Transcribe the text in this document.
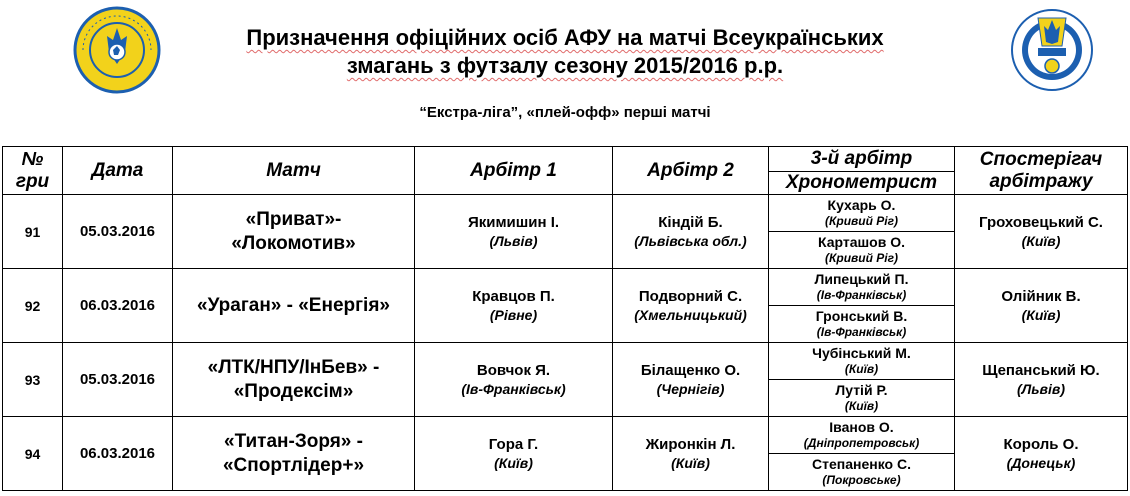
Призначення офіційних осіб АФУ на матчі Всеукраїнських
змагань з футзалу сезону 2015/2016 р.р.
“Екстра-ліга”, «плей-офф» перші матчі
№ гри	Дата	Матч	Арбітр 1	Арбітр 2	3-й арбітр	Спостерігач арбітражу
					Хронометрист	
91	05.03.2016	«Приват»-
«Локомотив»	Якимишин І.
(Львів)	Кіндій Б.
(Львівська обл.)	Кухарь О.
(Кривий Ріг)	Гроховецький С.
(Київ)

					Карташов О.
(Кривий Ріг)	

92	06.03.2016	«Ураган» - «Енергія»	Кравцов П.
(Рівне)	Подворний С.
(Хмельницький)	Липецький П.
(Ів-Франківськ)	Олійник В.
(Київ)

					Гронський В.
(Ів-Франківськ)	

93	05.03.2016	«ЛТК/НПУ/ІнБев» -
«Продексім»	Вовчок Я.
(Ів-Франківськ)	Білащенко О.
(Чернігів)	Чубінський М.
(Київ)	Щепанський Ю.
(Львів)

					Лутій Р.
(Київ)	

94	06.03.2016	«Титан-Зоря» -
«Спортлідер+»	Гора Г.
(Київ)	Жиронкін Л.
(Київ)	Іванов О.
(Дніпропетровськ)	Король О.
(Донецьк)

					Степаненко С.
(Покровське)	
